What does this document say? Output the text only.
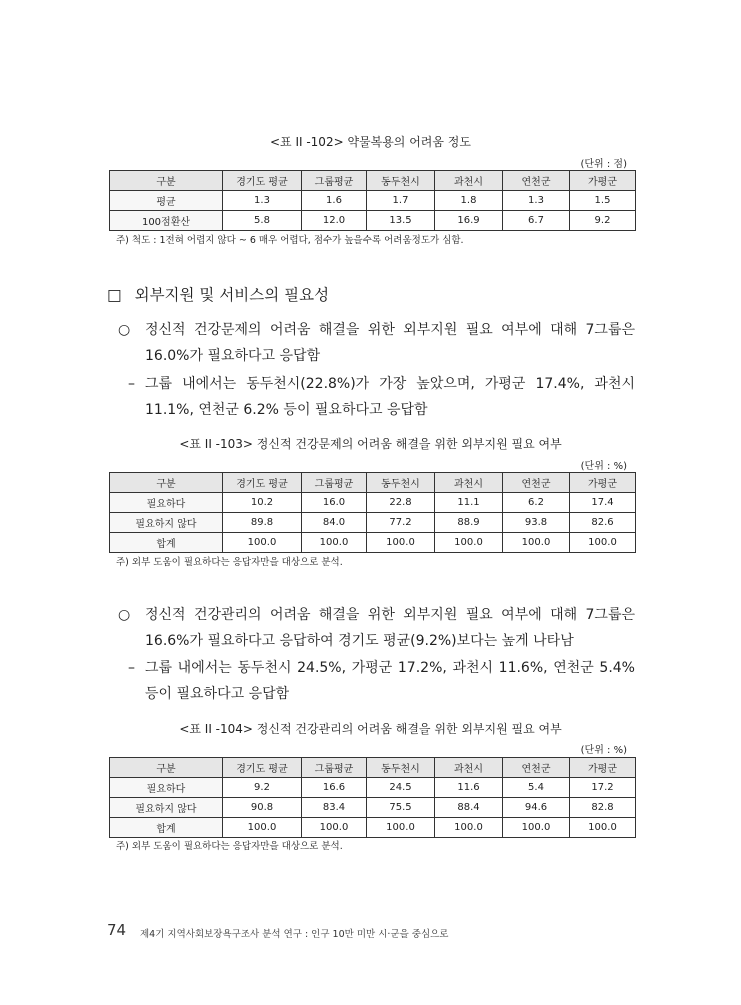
<표 II -102> 약물복용의 어려움 정도
(단위 : 점)
구분	경기도 평균	그룹평균	동두천시	과천시	연천군	가평군
평균	1.3	1.6	1.7	1.8	1.3	1.5
100점환산	5.8	12.0	13.5	16.9	6.7	9.2
주) 척도 : 1전혀 어렵지 않다 ~ 6 매우 어렵다, 점수가 높을수록 어려움정도가 심함.
□ 외부지원 및 서비스의 필요성
○	정신적 건강문제의 어려움 해결을 위한 외부지원 필요 여부에 대해 7그룹은 16.0%가 필요하다고 응답함
– 그룹 내에서는 동두천시(22.8%)가 가장 높았으며, 가평군 17.4%, 과천시 11.1%, 연천군 6.2% 등이 필요하다고 응답함
<표 II -103> 정신적 건강문제의 어려움 해결을 위한 외부지원 필요 여부
(단위 : %)
구분	경기도 평균	그룹평균	동두천시	과천시	연천군	가평군
필요하다	10.2	16.0	22.8	11.1	6.2	17.4
필요하지 않다	89.8	84.0	77.2	88.9	93.8	82.6
합계	100.0	100.0	100.0	100.0	100.0	100.0
주) 외부 도움이 필요하다는 응답자만을 대상으로 분석.
○	정신적 건강관리의 어려움 해결을 위한 외부지원 필요 여부에 대해 7그룹은 16.6%가 필요하다고 응답하여 경기도 평균(9.2%)보다는 높게 나타남
– 그룹 내에서는 동두천시 24.5%, 가평군 17.2%, 과천시 11.6%, 연천군 5.4% 등이 필요하다고 응답함
<표 II -104> 정신적 건강관리의 어려움 해결을 위한 외부지원 필요 여부
(단위 : %)
구분	경기도 평균	그룹평균	동두천시	과천시	연천군	가평군
필요하다	9.2	16.6	24.5	11.6	5.4	17.2
필요하지 않다	90.8	83.4	75.5	88.4	94.6	82.8
합계	100.0	100.0	100.0	100.0	100.0	100.0
주) 외부 도움이 필요하다는 응답자만을 대상으로 분석.
74 제4기 지역사회보장욕구조사 분석 연구 : 인구 10만 미만 시·군을 중심으로
